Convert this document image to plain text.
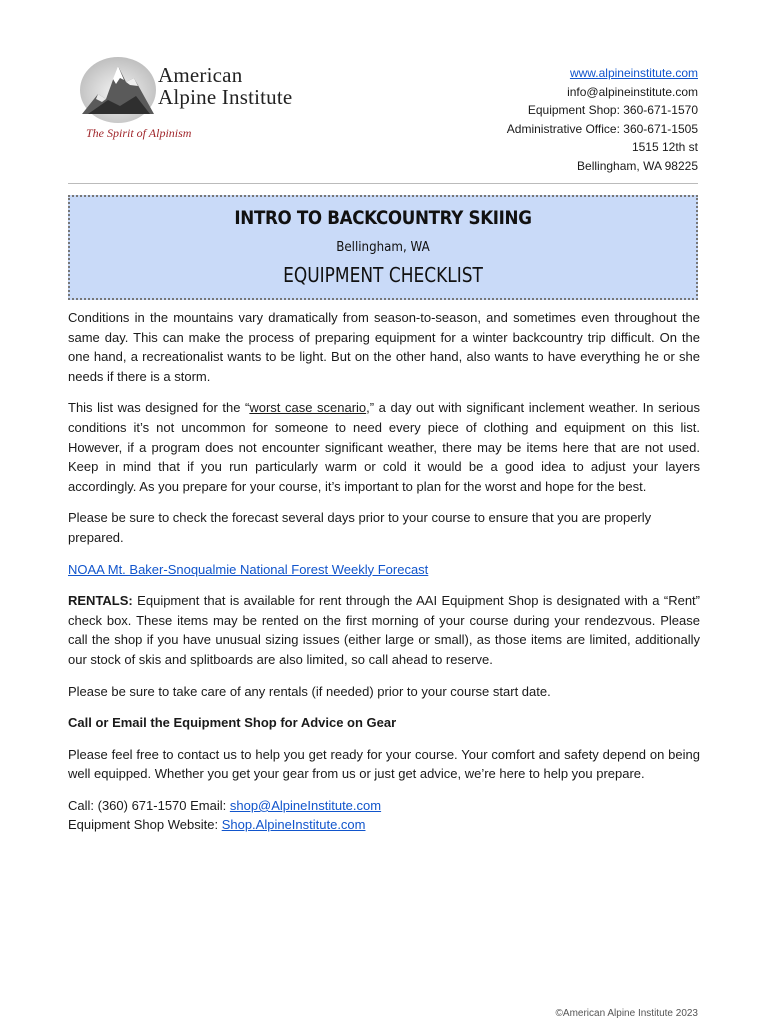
American
Alpine Institute
The Spirit of Alpinism
www.alpineinstitute.com
info@alpineinstitute.com
Equipment Shop: 360-671-1570
Administrative Office: 360-671-1505
1515 12th st
Bellingham, WA 98225
INTRO TO BACKCOUNTRY SKIING
Bellingham, WA
EQUIPMENT CHECKLIST

Conditions in the mountains vary dramatically from season-to-season, and sometimes even throughout the same day. This can make the process of preparing equipment for a winter backcountry trip difficult. On the one hand, a recreationalist wants to be light. But on the other hand, also wants to have everything he or she needs if there is a storm.

This list was designed for the “worst case scenario,” a day out with significant inclement weather. In serious conditions it’s not uncommon for someone to need every piece of clothing and equipment on this list. However, if a program does not encounter significant weather, there may be items here that are not used. Keep in mind that if you run particularly warm or cold it would be a good idea to adjust your layers accordingly. As you prepare for your course, it’s important to plan for the worst and hope for the best.

Please be sure to check the forecast several days prior to your course to ensure that you are properly prepared.

NOAA Mt. Baker-Snoqualmie National Forest Weekly Forecast

RENTALS: Equipment that is available for rent through the AAI Equipment Shop is designated with a “Rent” check box. These items may be rented on the first morning of your course during your rendezvous. Please call the shop if you have unusual sizing issues (either large or small), as those items are limited, additionally our stock of skis and splitboards are also limited, so call ahead to reserve.

Please be sure to take care of any rentals (if needed) prior to your course start date.

Call or Email the Equipment Shop for Advice on Gear

Please feel free to contact us to help you get ready for your course. Your comfort and safety depend on being well equipped. Whether you get your gear from us or just get advice, we’re here to help you prepare.

Call: (360) 671-1570 Email: shop@AlpineInstitute.com
Equipment Shop Website: Shop.AlpineInstitute.com

©American Alpine Institute 2023
